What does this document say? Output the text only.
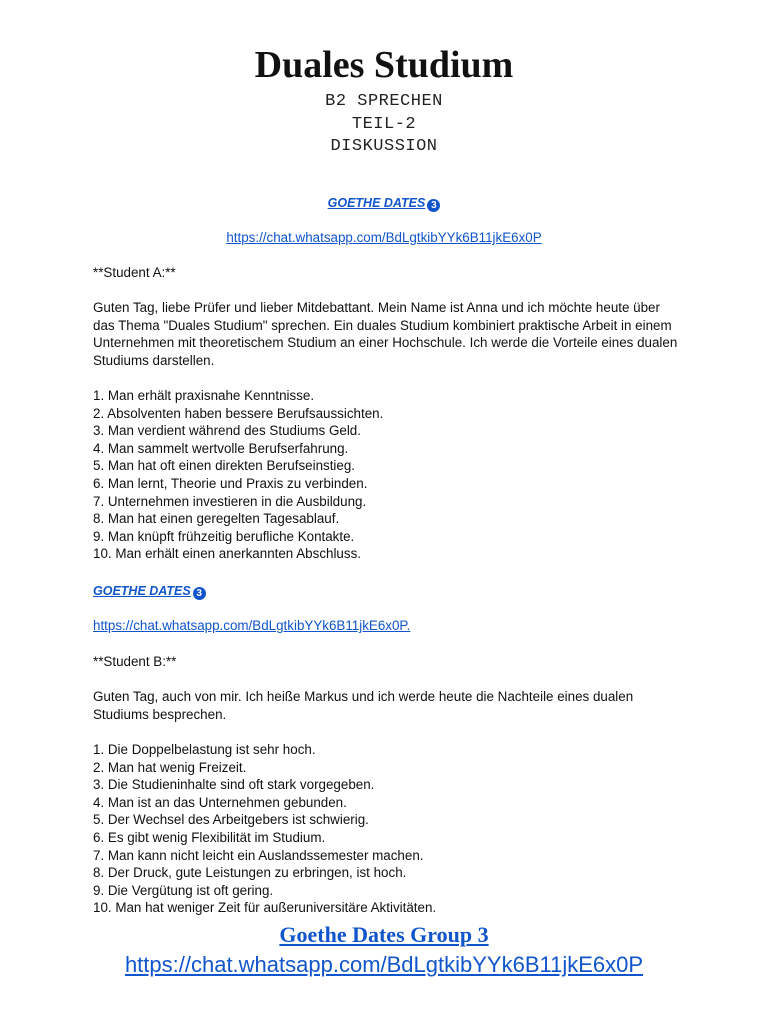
Duales Studium
B2 SPRECHEN
TEIL-2
DISKUSSION
GOETHE DATES 3
https://chat.whatsapp.com/BdLgtkibYYk6B11jkE6x0P
**Student A:**
Guten Tag, liebe Prüfer und lieber Mitdebattant. Mein Name ist Anna und ich möchte heute über das Thema "Duales Studium" sprechen. Ein duales Studium kombiniert praktische Arbeit in einem Unternehmen mit theoretischem Studium an einer Hochschule. Ich werde die Vorteile eines dualen Studiums darstellen.
1. Man erhält praxisnahe Kenntnisse.
2. Absolventen haben bessere Berufsaussichten.
3. Man verdient während des Studiums Geld.
4. Man sammelt wertvolle Berufserfahrung.
5. Man hat oft einen direkten Berufseinstieg.
6. Man lernt, Theorie und Praxis zu verbinden.
7. Unternehmen investieren in die Ausbildung.
8. Man hat einen geregelten Tagesablauf.
9. Man knüpft frühzeitig berufliche Kontakte.
10. Man erhält einen anerkannten Abschluss.
GOETHE DATES 3
https://chat.whatsapp.com/BdLgtkibYYk6B11jkE6x0P.
**Student B:**
Guten Tag, auch von mir. Ich heiße Markus und ich werde heute die Nachteile eines dualen Studiums besprechen.
1. Die Doppelbelastung ist sehr hoch.
2. Man hat wenig Freizeit.
3. Die Studieninhalte sind oft stark vorgegeben.
4. Man ist an das Unternehmen gebunden.
5. Der Wechsel des Arbeitgebers ist schwierig.
6. Es gibt wenig Flexibilität im Studium.
7. Man kann nicht leicht ein Auslandssemester machen.
8. Der Druck, gute Leistungen zu erbringen, ist hoch.
9. Die Vergütung ist oft gering.
10. Man hat weniger Zeit für außeruniversitäre Aktivitäten.
Goethe Dates Group 3
https://chat.whatsapp.com/BdLgtkibYYk6B11jkE6x0P
